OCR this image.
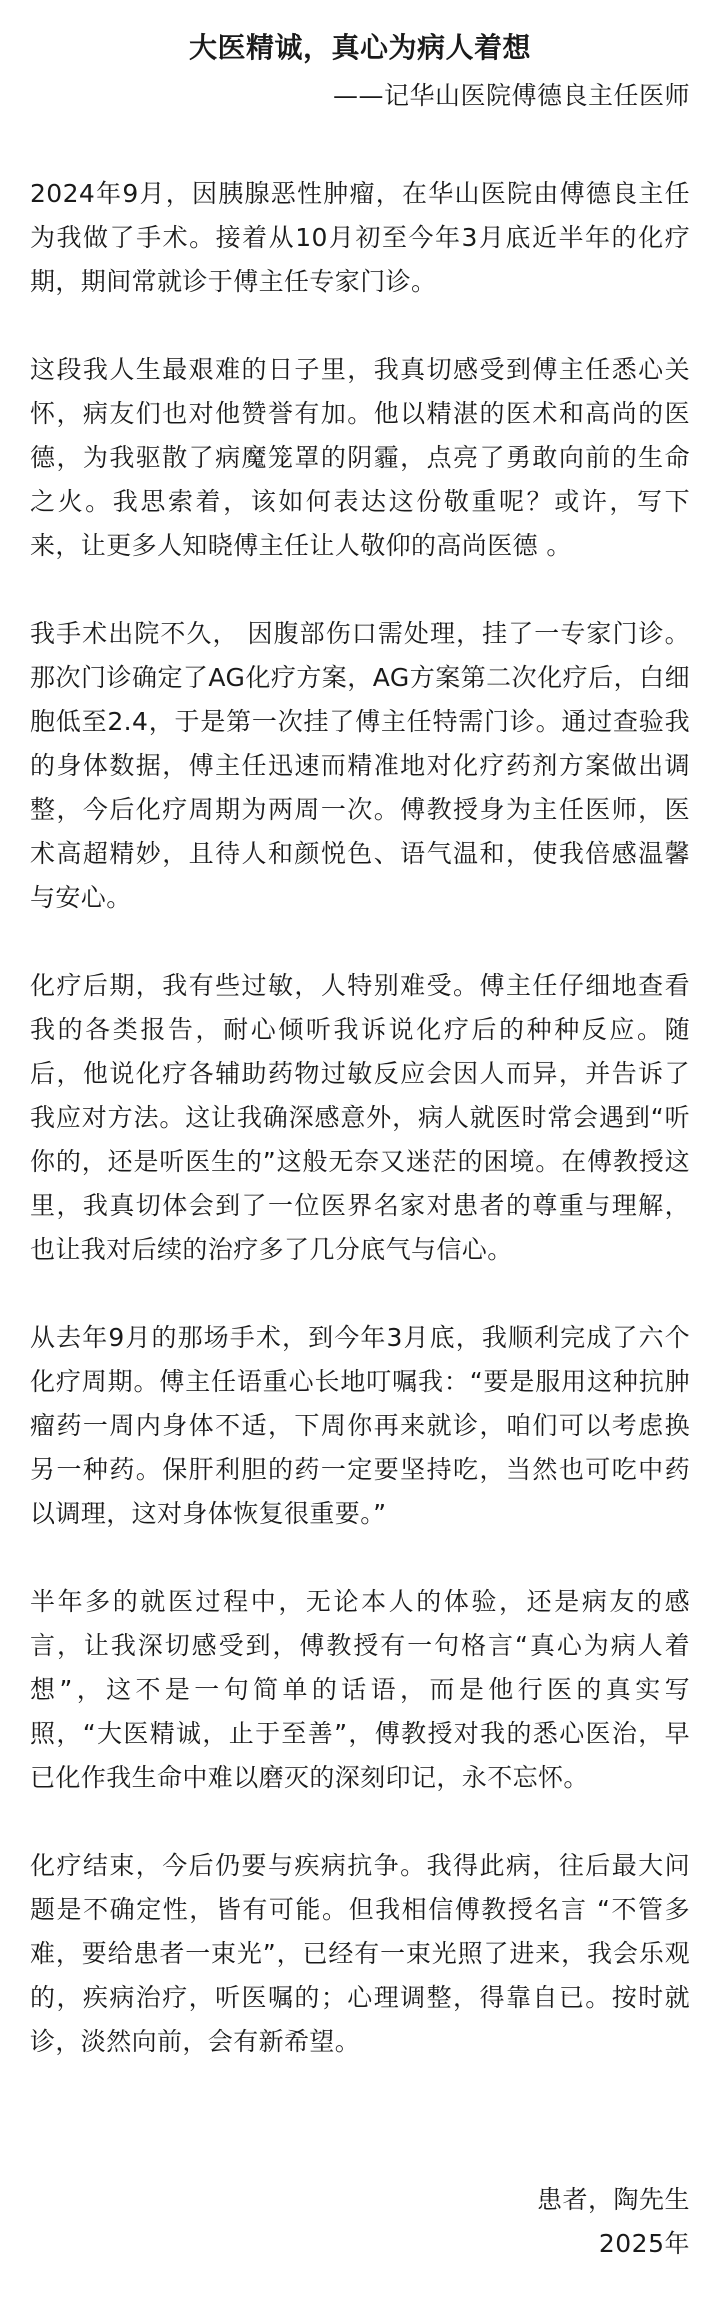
大医精诚，真心为病人着想

——记华山医院傅德良主任医师

2024年9月，因胰腺恶性肿瘤，在华山医院由傅德良主任为我做了手术。接着从10月初至今年3月底近半年的化疗期，期间常就诊于傅主任专家门诊。

这段我人生最艰难的日子里，我真切感受到傅主任悉心关怀，病友们也对他赞誉有加。他以精湛的医术和高尚的医德，为我驱散了病魔笼罩的阴霾，点亮了勇敢向前的生命之火。我思索着，该如何表达这份敬重呢？或许，写下来，让更多人知晓傅主任让人敬仰的高尚医德 。

我手术出院不久， 因腹部伤口需处理，挂了一专家门诊。那次门诊确定了AG化疗方案，AG方案第二次化疗后，白细胞低至2.4，于是第一次挂了傅主任特需门诊。通过查验我的身体数据，傅主任迅速而精准地对化疗药剂方案做出调整，今后化疗周期为两周一次。傅教授身为主任医师，医术高超精妙，且待人和颜悦色、语气温和，使我倍感温馨与安心。

化疗后期，我有些过敏，人特别难受。傅主任仔细地查看我的各类报告，耐心倾听我诉说化疗后的种种反应。随后，他说化疗各辅助药物过敏反应会因人而异，并告诉了我应对方法。这让我确深感意外，病人就医时常会遇到“听你的，还是听医生的”这般无奈又迷茫的困境。在傅教授这里，我真切体会到了一位医界名家对患者的尊重与理解，也让我对后续的治疗多了几分底气与信心。

从去年9月的那场手术，到今年3月底，我顺利完成了六个化疗周期。傅主任语重心长地叮嘱我：“要是服用这种抗肿瘤药一周内身体不适，下周你再来就诊，咱们可以考虑换另一种药。保肝利胆的药一定要坚持吃，当然也可吃中药以调理，这对身体恢复很重要。”

半年多的就医过程中，无论本人的体验，还是病友的感言，让我深切感受到，傅教授有一句格言“真心为病人着想”，这不是一句简单的话语，而是他行医的真实写照，“大医精诚，止于至善”，傅教授对我的悉心医治，早已化作我生命中难以磨灭的深刻印记，永不忘怀。

化疗结束，今后仍要与疾病抗争。我得此病，往后最大问题是不确定性，皆有可能。但我相信傅教授名言 “不管多难，要给患者一束光”，已经有一束光照了进来，我会乐观的，疾病治疗，听医嘱的；心理调整，得靠自已。按时就诊，淡然向前，会有新希望。

患者，陶先生

2025年
